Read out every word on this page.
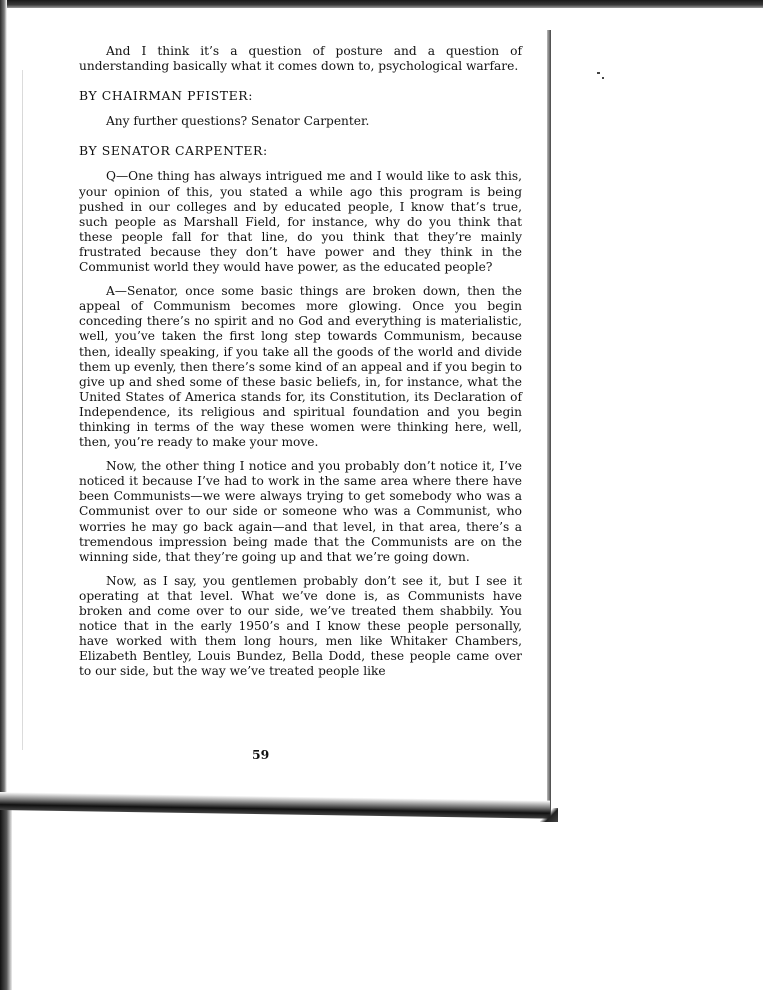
And I think it’s a question of posture and a question of understanding basically what it comes down to, psychological warfare.

BY CHAIRMAN PFISTER:

Any further questions? Senator Carpenter.

BY SENATOR CARPENTER:

Q—One thing has always intrigued me and I would like to ask this, your opinion of this, you stated a while ago this program is being pushed in our colleges and by educated people, I know that’s true, such people as Marshall Field, for instance, why do you think that these people fall for that line, do you think that they’re mainly frustrated because they don’t have power and they think in the Communist world they would have power, as the educated people?

A—Senator, once some basic things are broken down, then the appeal of Communism becomes more glowing. Once you begin conceding there’s no spirit and no God and everything is materialistic, well, you’ve taken the first long step towards Communism, because then, ideally speaking, if you take all the goods of the world and divide them up evenly, then there’s some kind of an appeal and if you begin to give up and shed some of these basic beliefs, in, for instance, what the United States of America stands for, its Constitution, its Declaration of Independence, its religious and spiritual foundation and you begin thinking in terms of the way these women were thinking here, well, then, you’re ready to make your move.

Now, the other thing I notice and you probably don’t notice it, I’ve noticed it because I’ve had to work in the same area where there have been Communists—we were always trying to get somebody who was a Communist over to our side or someone who was a Communist, who worries he may go back again—and that level, in that area, there’s a tremendous impression being made that the Communists are on the winning side, that they’re going up and that we’re going down.

Now, as I say, you gentlemen probably don’t see it, but I see it operating at that level. What we’ve done is, as Communists have broken and come over to our side, we’ve treated them shabbily. You notice that in the early 1950’s and I know these people personally, have worked with them long hours, men like Whitaker Chambers, Elizabeth Bentley, Louis Bundez, Bella Dodd, these people came over to our side, but the way we’ve treated people like

59
